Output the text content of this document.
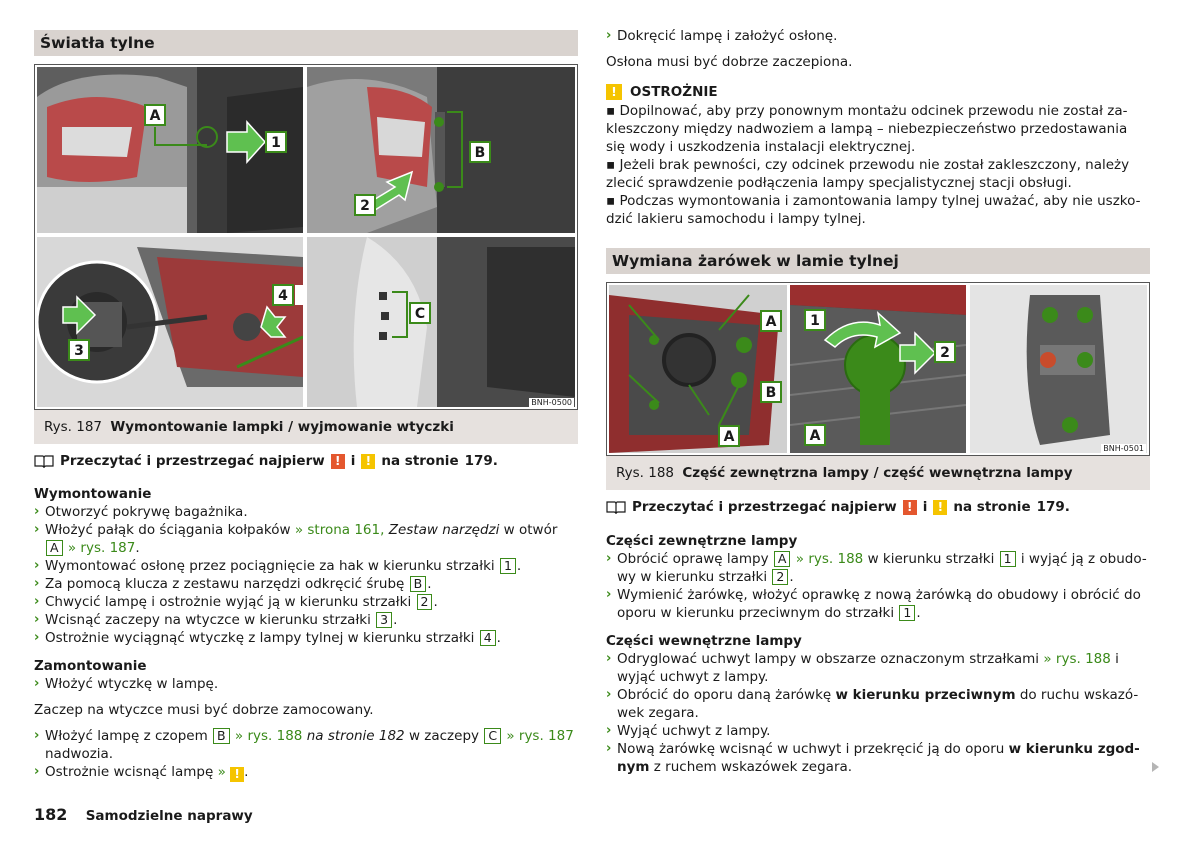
Światła tylne
A
1
B
2
3
4
C
BNH-0500
Rys. 187 Wymontowanie lampki / wyjmowanie wtyczki
Przeczytać i przestrzegać najpierw ! i ! na stronie 179.
Wymontowanie
› Otworzyć pokrywę bagażnika.
› Włożyć pałąk do ściągania kołpaków » strona 161, Zestaw narzędzi w otwór
A » rys. 187.
› Wymontować osłonę przez pociągnięcie za hak w kierunku strzałki 1 .
› Za pomocą klucza z zestawu narzędzi odkręcić śrubę B .
› Chwycić lampę i ostrożnie wyjąć ją w kierunku strzałki 2 .
› Wcisnąć zaczepy na wtyczce w kierunku strzałki 3 .
› Ostrożnie wyciągnąć wtyczkę z lampy tylnej w kierunku strzałki 4 .
Zamontowanie
› Włożyć wtyczkę w lampę.

Zaczep na wtyczce musi być dobrze zamocowany.

› Włożyć lampę z czopem B » rys. 188 na stronie 182 w zaczepy C » rys. 187
nadwozia.
› Ostrożnie wcisnąć lampę » ! .
› Dokręcić lampę i założyć osłonę.

Osłona musi być dobrze zaczepiona.

! OSTROŻNIE
▪ Dopilnować, aby przy ponownym montażu odcinek przewodu nie został za-kleszczony między nadwoziem a lampą – niebezpieczeństwo przedostawania się wody i uszkodzenia instalacji elektrycznej.
▪ Jeżeli brak pewności, czy odcinek przewodu nie został zakleszczony, należy zlecić sprawdzenie podłączenia lampy specjalistycznej stacji obsługi.
▪ Podczas wymontowania i zamontowania lampy tylnej uważać, aby nie uszko-dzić lakieru samochodu i lampy tylnej.
Wymiana żarówek w lamie tylnej
A
B
A
1
2
A
BNH-0501
Rys. 188 Część zewnętrzna lampy / część wewnętrzna lampy
Przeczytać i przestrzegać najpierw ! i ! na stronie 179.
Części zewnętrzne lampy
› Obrócić oprawę lampy A » rys. 188 w kierunku strzałki 1 i wyjąć ją z obudo-wy w kierunku strzałki 2 .
› Wymienić żarówkę, włożyć oprawkę z nową żarówką do obudowy i obrócić do oporu w kierunku przeciwnym do strzałki 1 .
Części wewnętrzne lampy
› Odryglować uchwyt lampy w obszarze oznaczonym strzałkami » rys. 188 i wyjąć uchwyt z lampy.
› Obrócić do oporu daną żarówkę w kierunku przeciwnym do ruchu wskazó-wek zegara.
› Wyjąć uchwyt z lampy.
› Nową żarówkę wcisnąć w uchwyt i przekręcić ją do oporu w kierunku zgod-nym z ruchem wskazówek zegara.
182 Samodzielne naprawy
